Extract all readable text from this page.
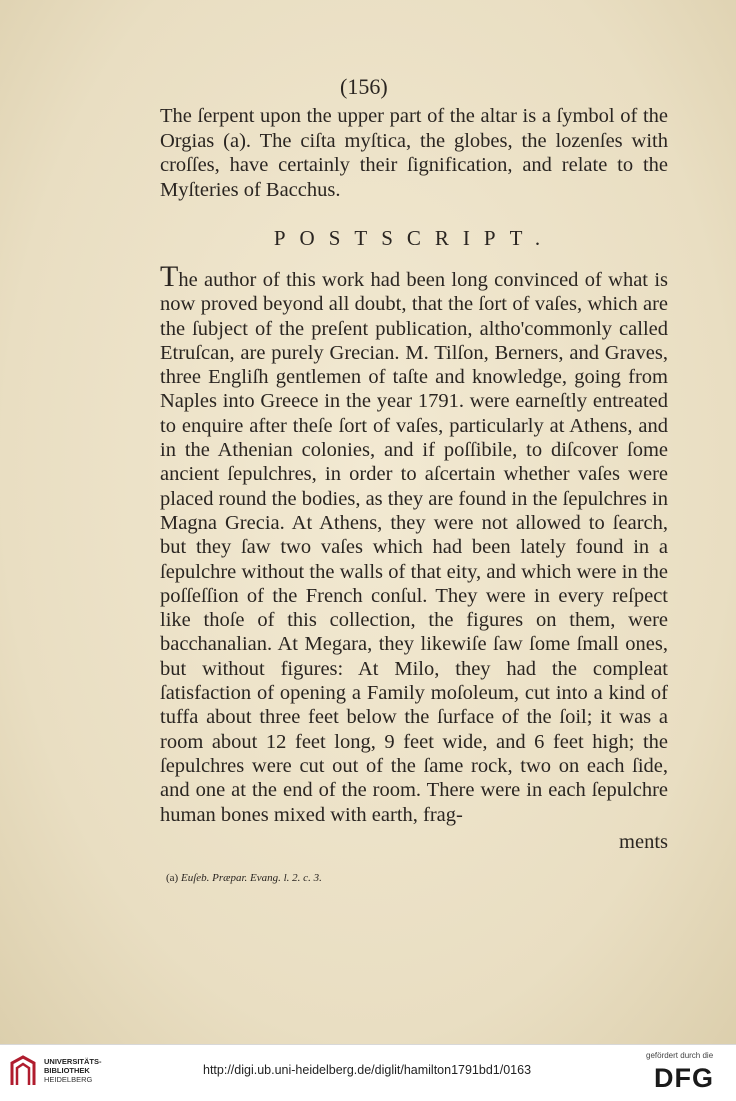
(156)
The ſerpent upon the upper part of the altar is a ſymbol of the Orgias (a). The ciſta myſtica, the globes, the lozenſes with croſſes, have certainly their ſignification, and relate to the Myſteries of Bacchus.
POSTSCRIPT.
The author of this work had been long convinced of what is now proved beyond all doubt, that the ſort of vaſes, which are the ſubject of the preſent publication, altho'commonly called Etruſcan, are purely Grecian. M. Tilſon, Berners, and Graves, three Engliſh gentlemen of taſte and knowledge, going from Naples into Greece in the year 1791. were earneſtly entreated to enquire after theſe ſort of vaſes, particularly at Athens, and in the Athenian colonies, and if poſſibile, to diſcover ſome ancient ſepulchres, in order to aſcertain whether vaſes were placed round the bodies, as they are found in the ſepulchres in Magna Grecia. At Athens, they were not allowed to ſearch, but they ſaw two vaſes which had been lately found in a ſepulchre without the walls of that eity, and which were in the poſſeſſion of the French conſul. They were in every reſpect like thoſe of this collection, the figures on them, were bacchanalian. At Megara, they likewiſe ſaw ſome ſmall ones, but without figures: At Milo, they had the compleat ſatisfaction of opening a Family moſoleum, cut into a kind of tuffa about three feet below the ſurface of the ſoil; it was a room about 12 feet long, 9 feet wide, and 6 feet high; the ſepulchres were cut out of the ſame rock, two on each ſide, and one at the end of the room. There were in each ſepulchre human bones mixed with earth, frag-
ments
(a) Euſeb. Præpar. Evang. l. 2. c. 3.
UNIVERSITÄTS-
BIBLIOTHEK
HEIDELBERG
http://digi.ub.uni-heidelberg.de/diglit/hamilton1791bd1/0163
gefördert durch die
DFG
